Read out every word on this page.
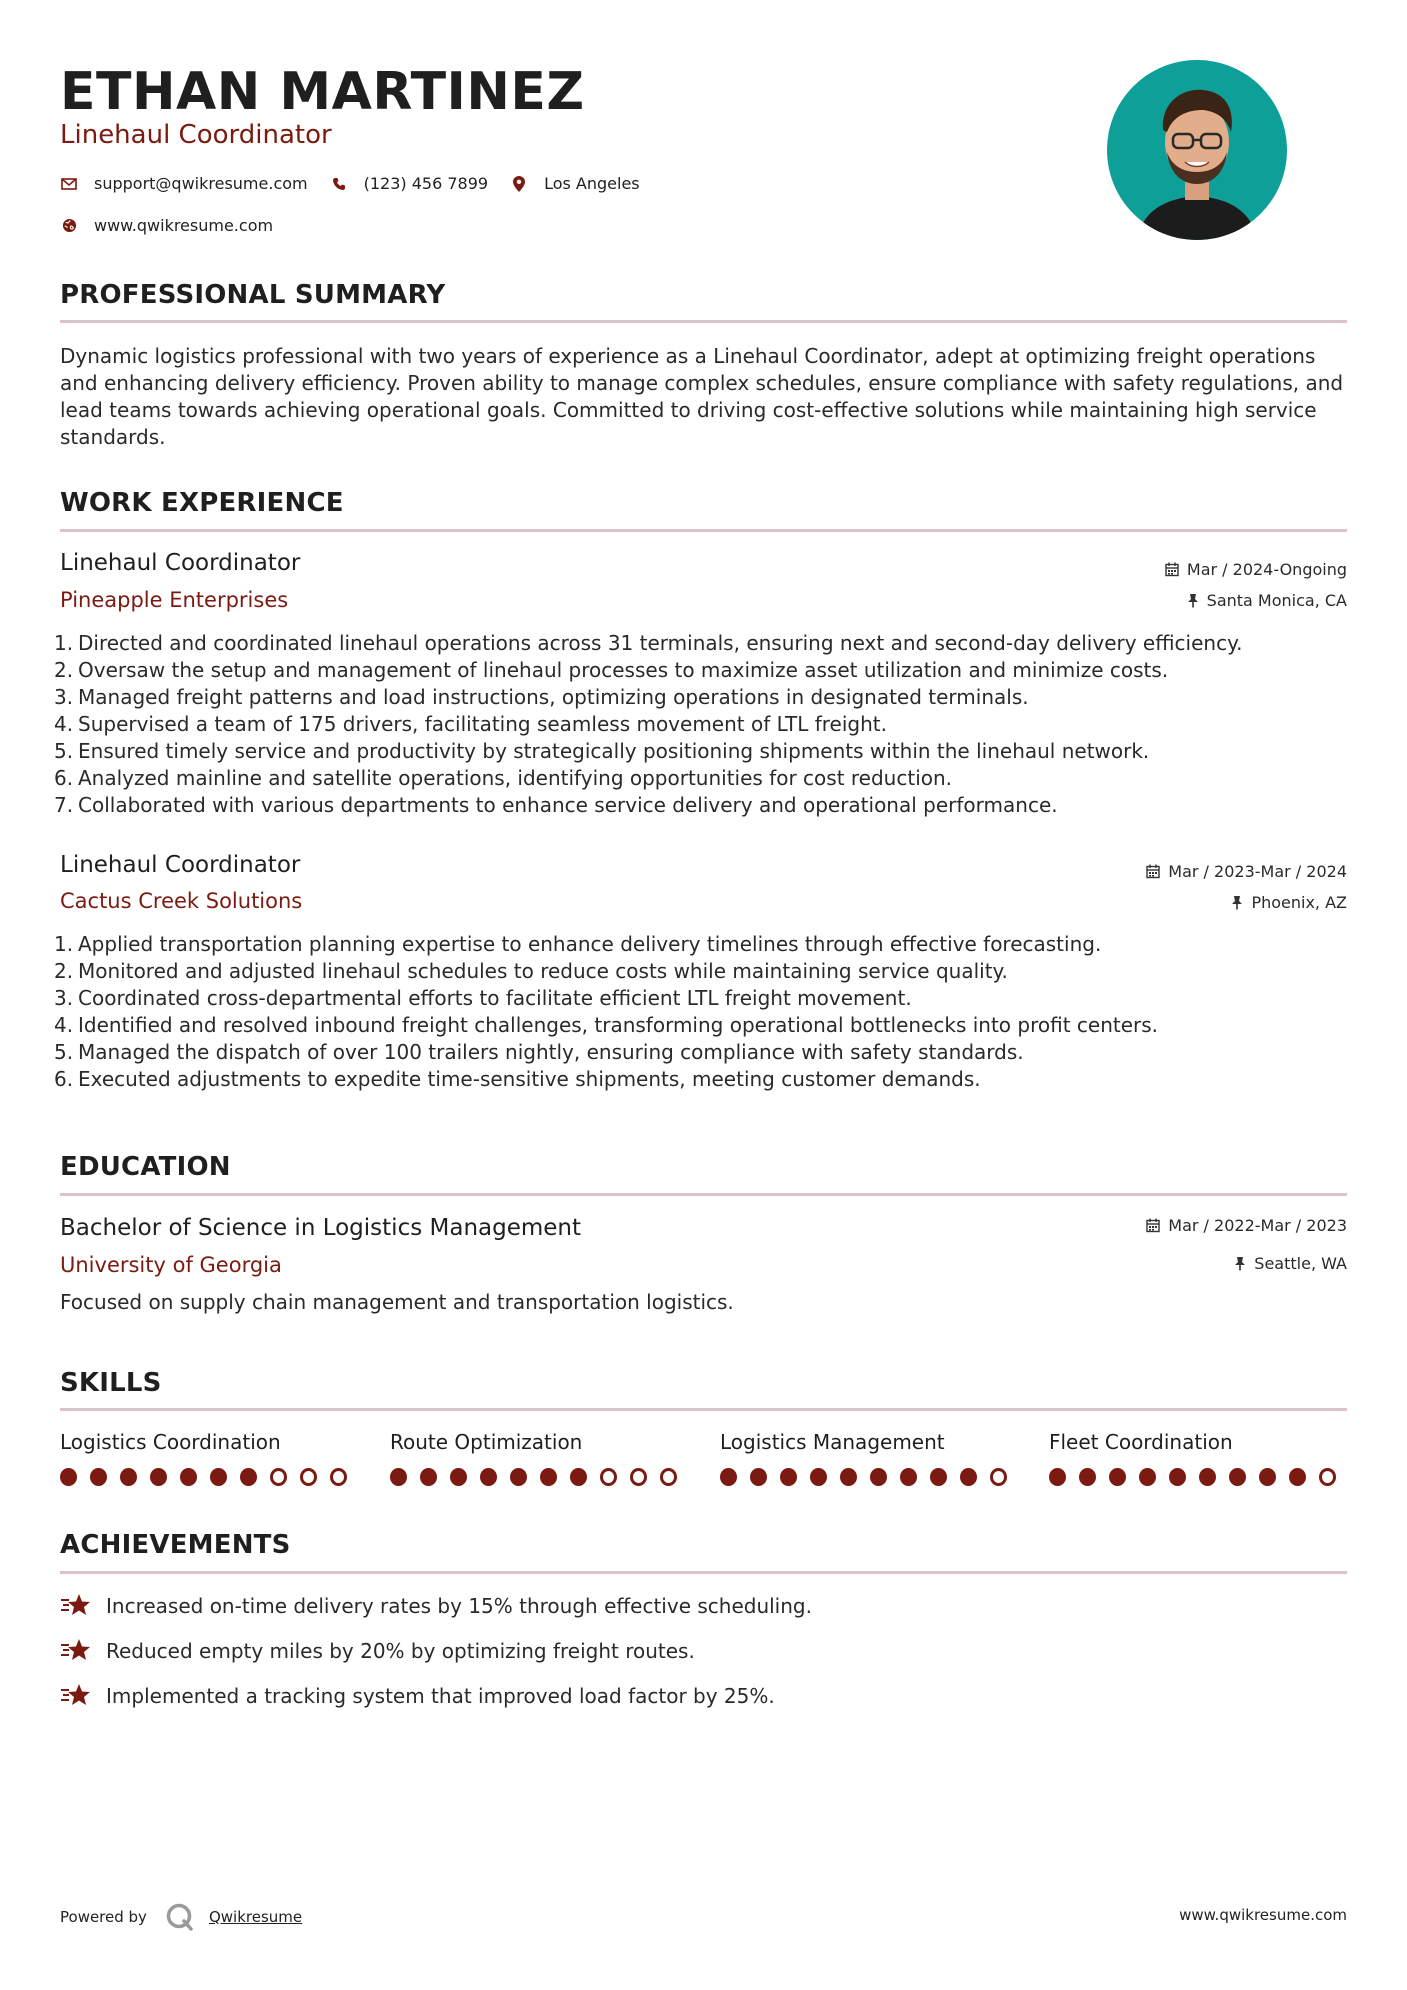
ETHAN MARTINEZ
Linehaul Coordinator
support@qwikresume.com	(123) 456 7899	Los Angeles
www.qwikresume.com
PROFESSIONAL SUMMARY
Dynamic logistics professional with two years of experience as a Linehaul Coordinator, adept at optimizing freight operations and enhancing delivery efficiency. Proven ability to manage complex schedules, ensure compliance with safety regulations, and lead teams towards achieving operational goals. Committed to driving cost-effective solutions while maintaining high service standards.
WORK EXPERIENCE
Linehaul Coordinator
Pineapple Enterprises
Mar / 2024-Ongoing
Santa Monica, CA
1. Directed and coordinated linehaul operations across 31 terminals, ensuring next and second-day delivery efficiency.
2. Oversaw the setup and management of linehaul processes to maximize asset utilization and minimize costs.
3. Managed freight patterns and load instructions, optimizing operations in designated terminals.
4. Supervised a team of 175 drivers, facilitating seamless movement of LTL freight.
5. Ensured timely service and productivity by strategically positioning shipments within the linehaul network.
6. Analyzed mainline and satellite operations, identifying opportunities for cost reduction.
7. Collaborated with various departments to enhance service delivery and operational performance.
Linehaul Coordinator
Cactus Creek Solutions
Mar / 2023-Mar / 2024
Phoenix, AZ
1. Applied transportation planning expertise to enhance delivery timelines through effective forecasting.
2. Monitored and adjusted linehaul schedules to reduce costs while maintaining service quality.
3. Coordinated cross-departmental efforts to facilitate efficient LTL freight movement.
4. Identified and resolved inbound freight challenges, transforming operational bottlenecks into profit centers.
5. Managed the dispatch of over 100 trailers nightly, ensuring compliance with safety standards.
6. Executed adjustments to expedite time-sensitive shipments, meeting customer demands.
EDUCATION
Bachelor of Science in Logistics Management
University of Georgia
Mar / 2022-Mar / 2023
Seattle, WA
Focused on supply chain management and transportation logistics.
SKILLS
Logistics Coordination	Route Optimization	Logistics Management	Fleet Coordination
ACHIEVEMENTS
Increased on-time delivery rates by 15% through effective scheduling.
Reduced empty miles by 20% by optimizing freight routes.
Implemented a tracking system that improved load factor by 25%.
Powered by	Qwikresume	www.qwikresume.com
